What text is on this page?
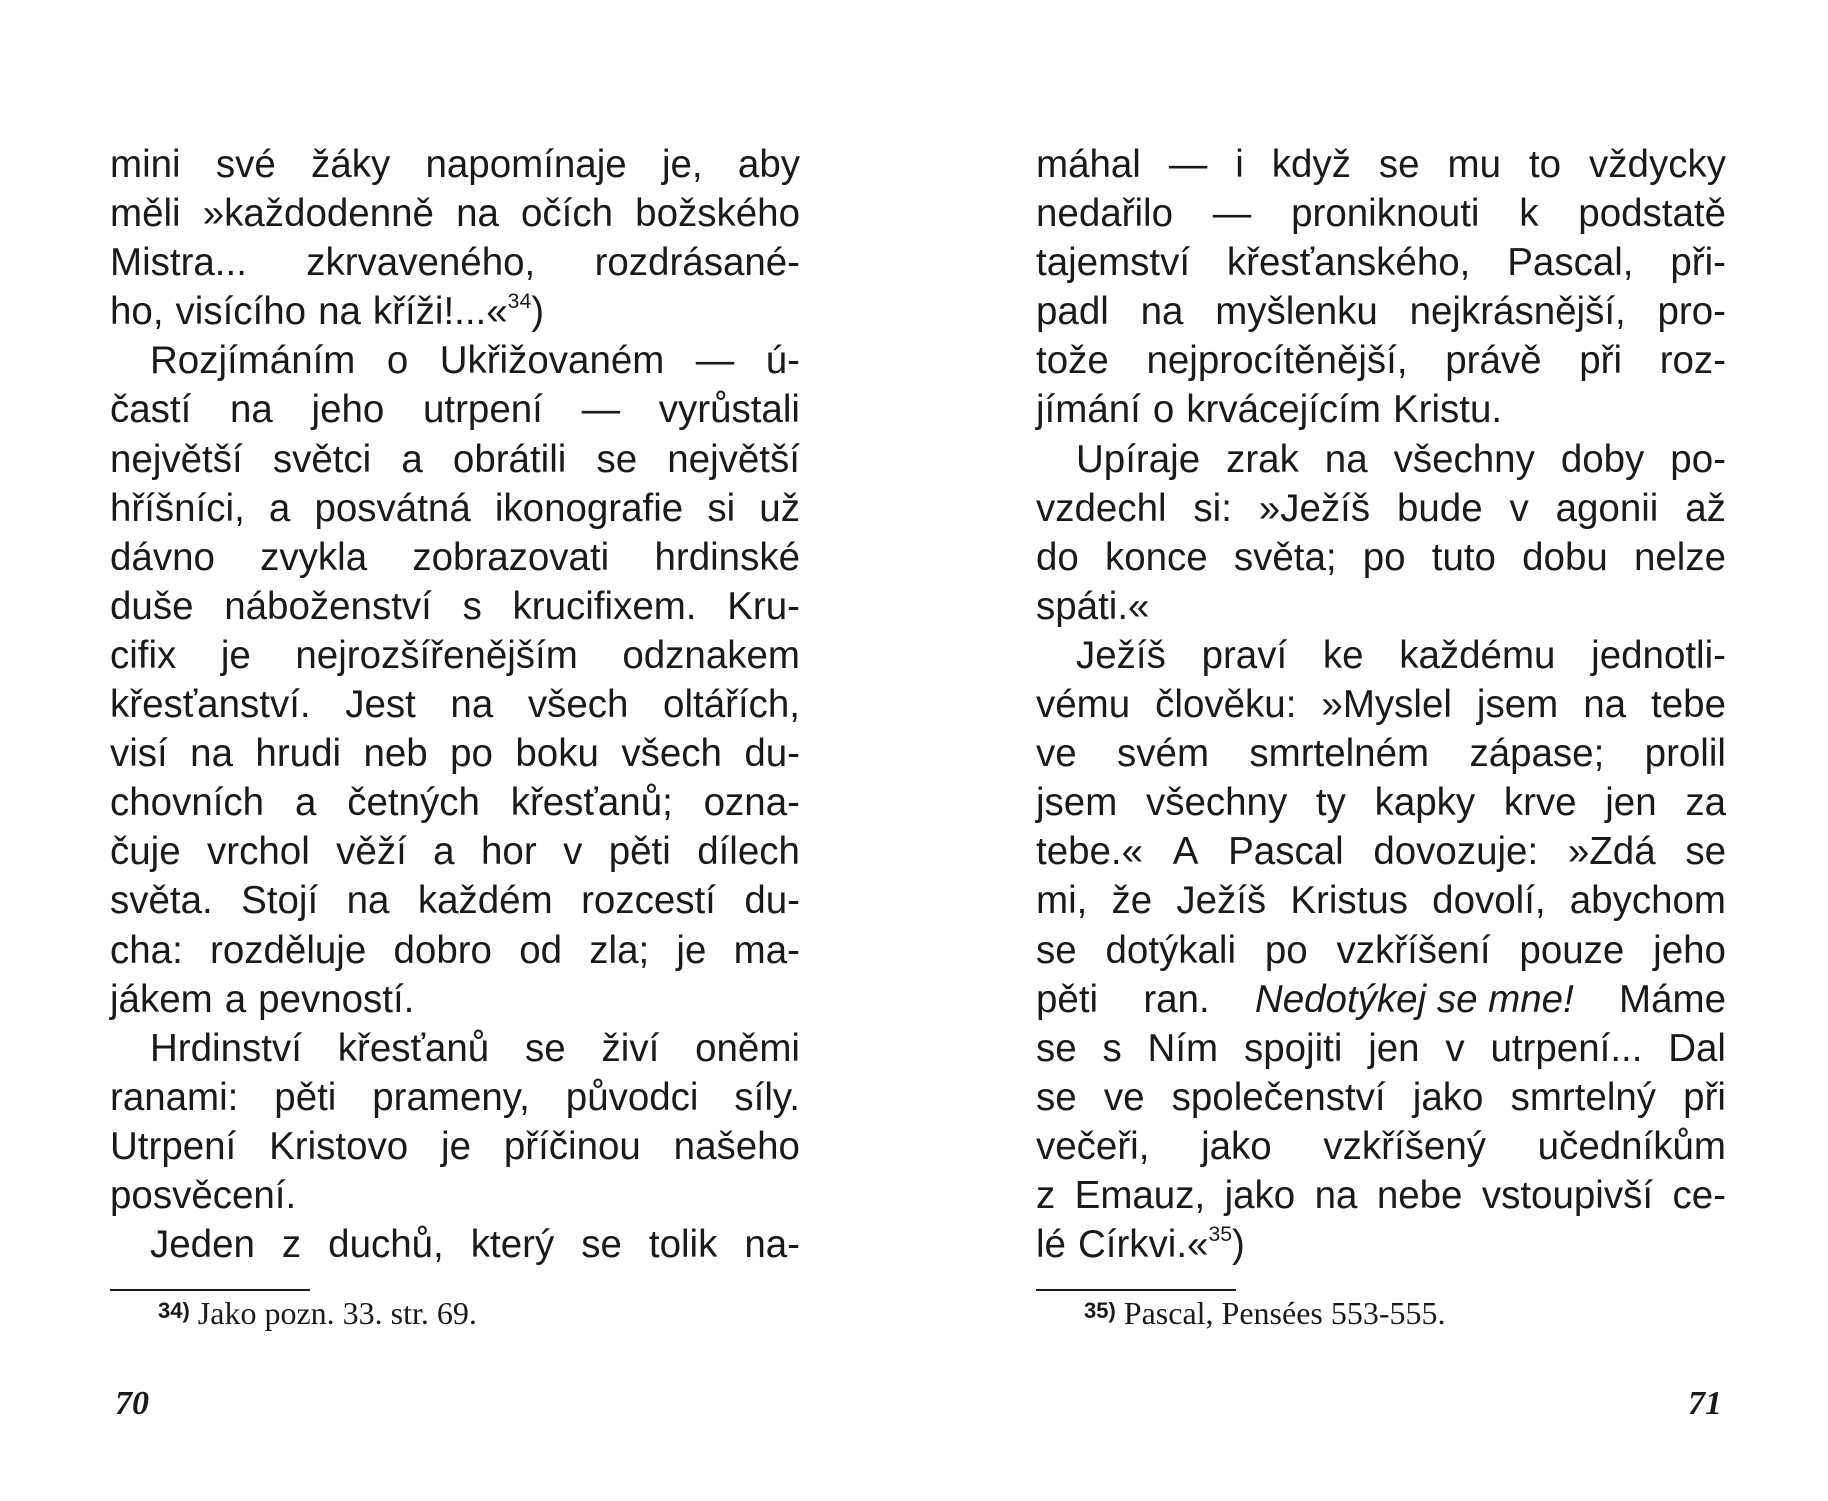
mini své žáky napomínaje je, aby
měli »každodenně na očích božského
Mistra... zkrvaveného, rozdrásané-
ho, visícího na kříži!...«$^{34}$)
Rozjímáním o Ukřižovaném — ú-
častí na jeho utrpení — vyrůstali
největší světci a obrátili se největší
hříšníci, a posvátná ikonografie si už
dávno zvykla zobrazovati hrdinské
duše náboženství s krucifixem. Kru-
cifix je nejrozšířenějším odznakem
křesťanství. Jest na všech oltářích,
visí na hrudi neb po boku všech du-
chovních a četných křesťanů; ozna-
čuje vrchol věží a hor v pěti dílech
světa. Stojí na každém rozcestí du-
cha: rozděluje dobro od zla; je ma-
jákem a pevností.
Hrdinství křesťanů se živí oněmi
ranami: pěti prameny, původci síly.
Utrpení Kristovo je příčinou našeho
posvěcení.
Jeden z duchů, který se tolik na-
34) Jako pozn. 33. str. 69.
máhal — i když se mu to vždycky
nedařilo — proniknouti k podstatě
tajemství křesťanského, Pascal, při-
padl na myšlenku nejkrásnější, pro-
tože nejprocítěnější, právě při roz-
jímání o krvácejícím Kristu.
Upíraje zrak na všechny doby po-
vzdechl si: »Ježíš bude v agonii až
do konce světa; po tuto dobu nelze
spáti.«
Ježíš praví ke každému jednotli-
vému člověku: »Myslel jsem na tebe
ve svém smrtelném zápase; prolil
jsem všechny ty kapky krve jen za
tebe.« A Pascal dovozuje: »Zdá se
mi, že Ježíš Kristus dovolí, abychom
se dotýkali po vzkříšení pouze jeho
pěti ran. Nedotýkej se mne! Máme
se s Ním spojiti jen v utrpení... Dal
se ve společenství jako smrtelný při
večeři, jako vzkříšený učedníkům
z Emauz, jako na nebe vstoupivší ce-
lé Církvi.«$^{35}$)
35) Pascal, Pensées 553-555.
70	71
